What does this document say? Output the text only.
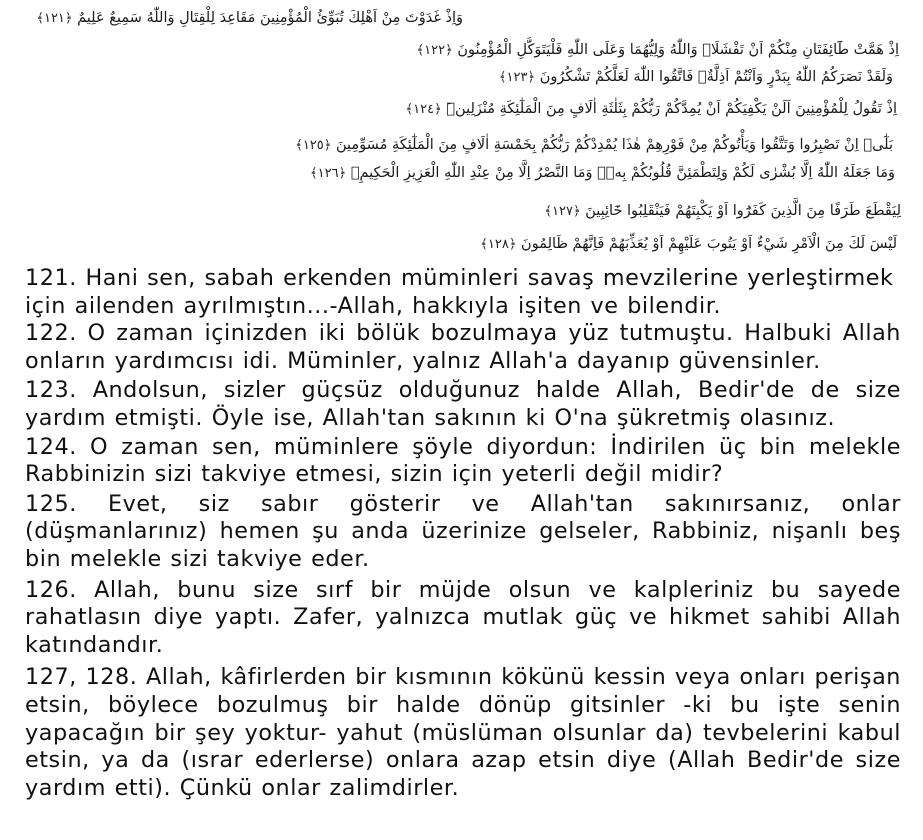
وَاِذْ غَدَوْتَ مِنْ اَهْلِكَ تُبَوِّئُ الْمُؤْمِنِينَ مَقَاعِدَ لِلْقِتَالِ وَاللّٰهُ سَمِيعٌ عَلِيمٌ ﴿١٢١﴾
اِذْ هَمَّتْ طَٓائِفَتَانِ مِنْكُمْ اَنْ تَفْشَلَاۙ وَاللّٰهُ وَلِيُّهُمَا وَعَلَى اللّٰهِ فَلْيَتَوَكَّلِ الْمُؤْمِنُونَ ﴿١٢٢﴾
وَلَقَدْ نَصَرَكُمُ اللّٰهُ بِبَدْرٍ وَاَنْتُمْ اَذِلَّةٌۚ فَاتَّقُوا اللّٰهَ لَعَلَّكُمْ تَشْكُرُونَ ﴿١٢٣﴾
اِذْ تَقُولُ لِلْمُؤْمِنِينَ اَلَنْ يَكْفِيَكُمْ اَنْ يُمِدَّكُمْ رَبُّكُمْ بِثَلٰثَةِ اٰلَافٍ مِنَ الْمَلٰٓئِكَةِ مُنْزَلِينَۜ ﴿١٢٤﴾
بَلٰٓىۙ اِنْ تَصْبِرُوا وَتَتَّقُوا وَيَأْتُوكُمْ مِنْ فَوْرِهِمْ هٰذَا يُمْدِدْكُمْ رَبُّكُمْ بِخَمْسَةِ اٰلَافٍ مِنَ الْمَلٰٓئِكَةِ مُسَوِّمِينَ ﴿١٢٥﴾
وَمَا جَعَلَهُ اللّٰهُ اِلَّا بُشْرٰى لَكُمْ وَلِتَطْمَئِنَّ قُلُوبُكُمْ بِهٖۜ وَمَا النَّصْرُ اِلَّا مِنْ عِنْدِ اللّٰهِ الْعَزِيزِ الْحَكِيمِۙ ﴿١٢٦﴾
لِيَقْطَعَ طَرَفًا مِنَ الَّذِينَ كَفَرُٓوا اَوْ يَكْبِتَهُمْ فَيَنْقَلِبُوا خَٓائِبِينَ ﴿١٢٧﴾
لَيْسَ لَكَ مِنَ الْاَمْرِ شَيْءٌ اَوْ يَتُوبَ عَلَيْهِمْ اَوْ يُعَذِّبَهُمْ فَاِنَّهُمْ ظَالِمُونَ ﴿١٢٨﴾

121. Hani sen, sabah erkenden müminleri savaş mevzilerine yerleştirmek için ailenden ayrılmıştın...-Allah, hakkıyla işiten ve bilendir.

122. O zaman içinizden iki bölük bozulmaya yüz tutmuştu. Halbuki Allah onların yardımcısı idi. Müminler, yalnız Allah'a dayanıp güvensinler.

123. Andolsun, sizler güçsüz olduğunuz halde Allah, Bedir'de de size yardım etmişti. Öyle ise, Allah'tan sakının ki O'na şükretmiş olasınız.

124. O zaman sen, müminlere şöyle diyordun: İndirilen üç bin melekle Rabbinizin sizi takviye etmesi, sizin için yeterli değil midir?

125. Evet, siz sabır gösterir ve Allah'tan sakınırsanız, onlar (düşmanlarınız) hemen şu anda üzerinize gelseler, Rabbiniz, nişanlı beş bin melekle sizi takviye eder.

126. Allah, bunu size sırf bir müjde olsun ve kalpleriniz bu sayede rahatlasın diye yaptı. Zafer, yalnızca mutlak güç ve hikmet sahibi Allah katındandır.

127, 128. Allah, kâfirlerden bir kısmının kökünü kessin veya onları perişan etsin, böylece bozulmuş bir halde dönüp gitsinler -ki bu işte senin yapacağın bir şey yoktur- yahut (müslüman olsunlar da) tevbelerini kabul etsin, ya da (ısrar ederlerse) onlara azap etsin diye (Allah Bedir'de size yardım etti). Çünkü onlar zalimdirler.
